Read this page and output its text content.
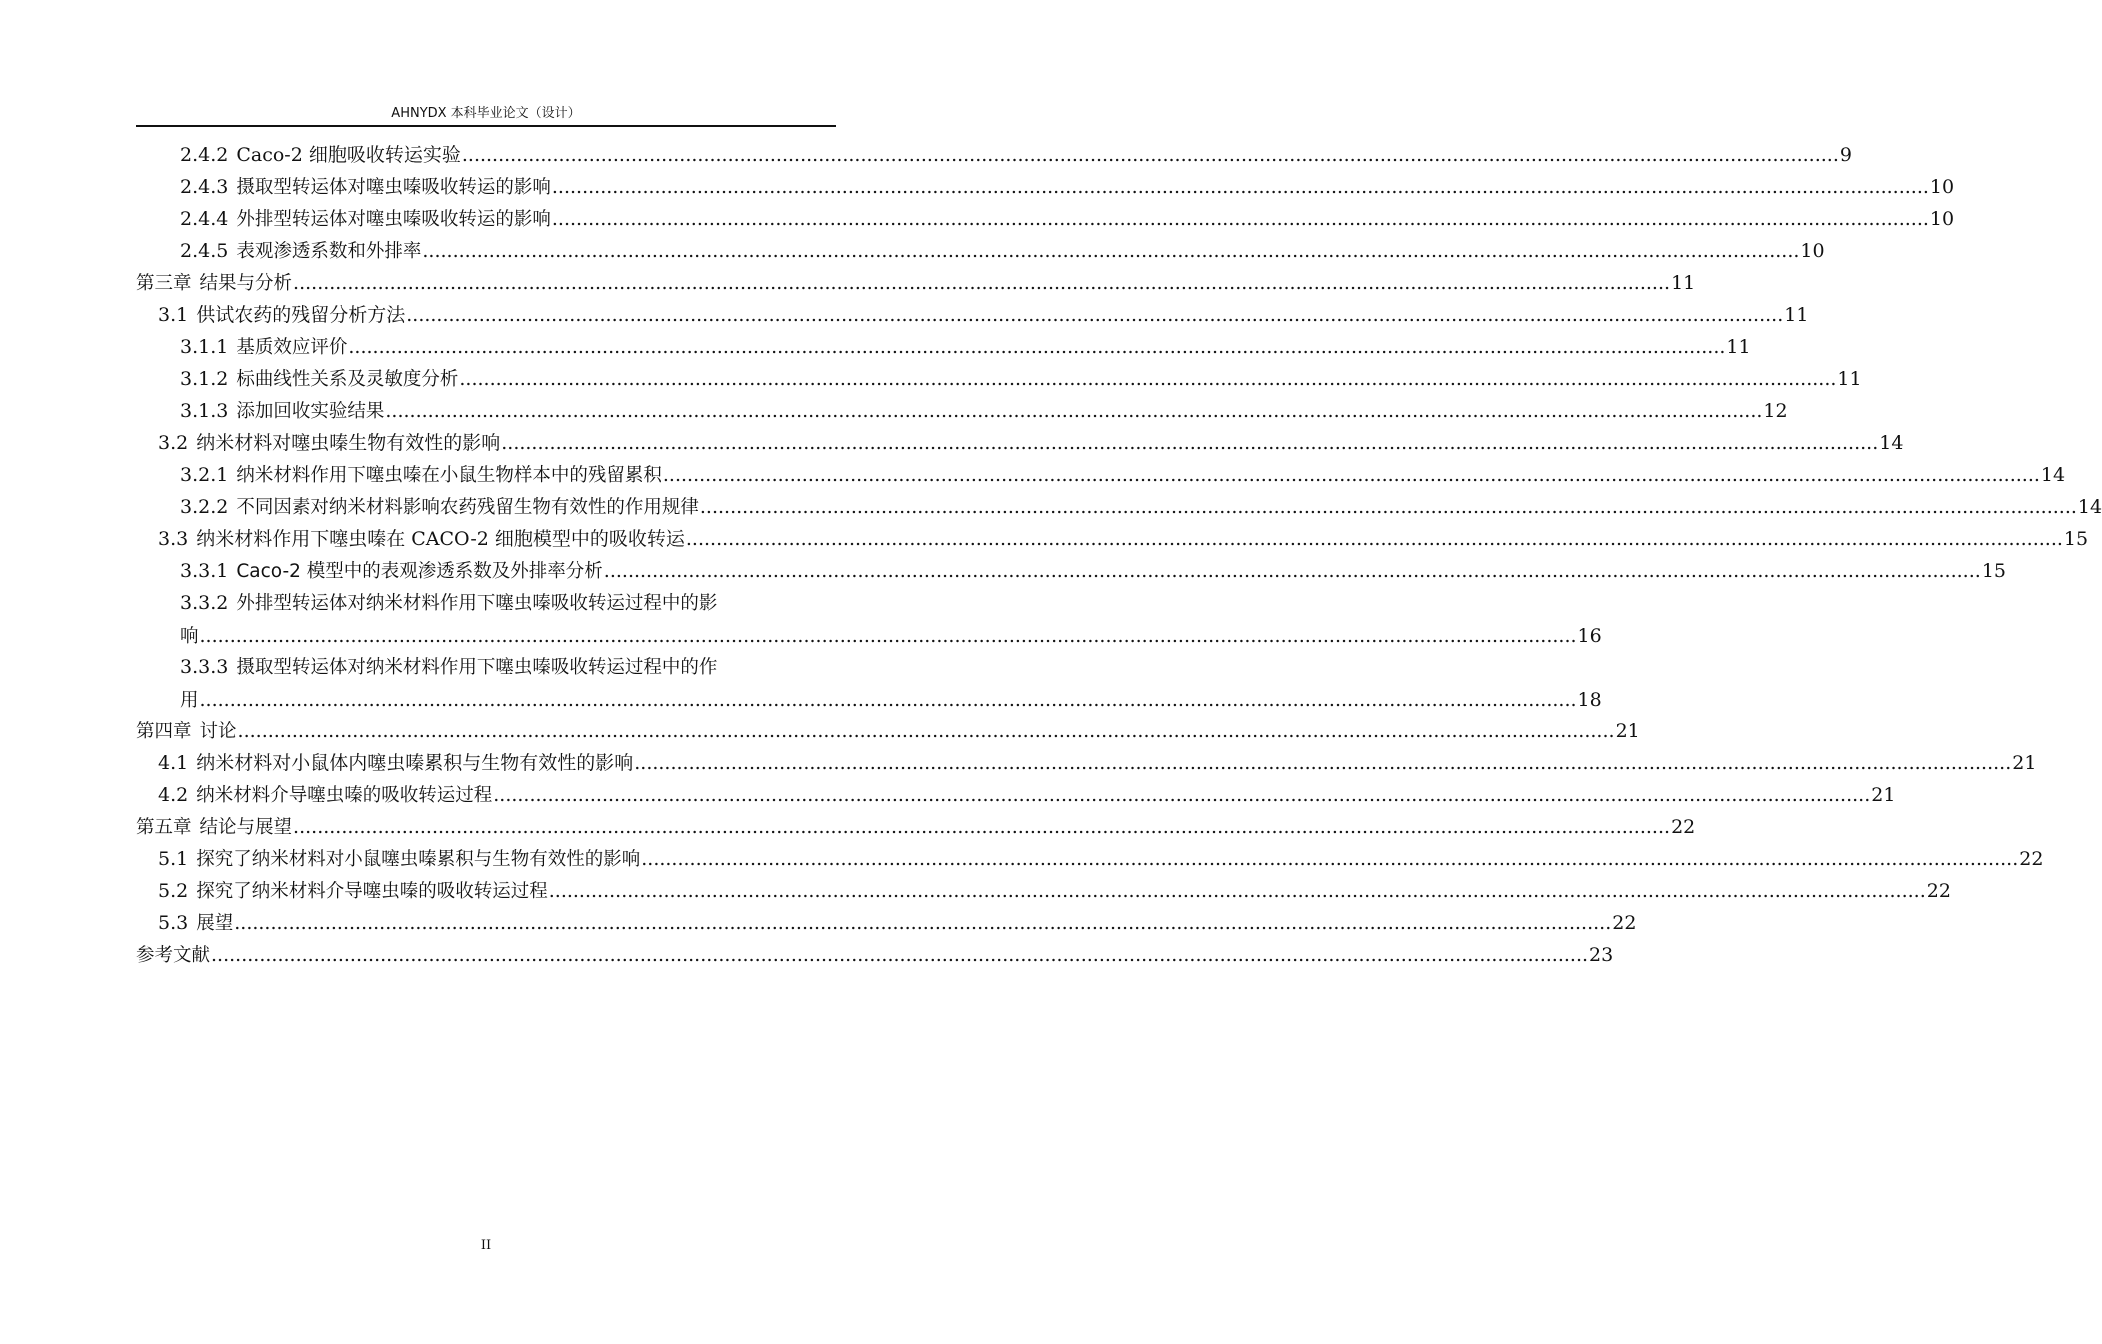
AHNYDX 本科毕业论文（设计）
2.4.2 Caco-2 细胞吸收转运实验 .....	9
2.4.3 摄取型转运体对噻虫嗪吸收转运的影响 .....	10
2.4.4 外排型转运体对噻虫嗪吸收转运的影响 .....	10
2.4.5 表观渗透系数和外排率 .....	10
第三章 结果与分析 .....	11
3.1 供试农药的残留分析方法 .....	11
3.1.1 基质效应评价 .....	11
3.1.2 标曲线性关系及灵敏度分析 .....	11
3.1.3 添加回收实验结果 .....	12
3.2 纳米材料对噻虫嗪生物有效性的影响 .....	14
3.2.1 纳米材料作用下噻虫嗪在小鼠生物样本中的残留累积 .....	14
3.2.2 不同因素对纳米材料影响农药残留生物有效性的作用规律 .....	14
3.3 纳米材料作用下噻虫嗪在 CACO-2 细胞模型中的吸收转运 .....	15
3.3.1 Caco-2 模型中的表观渗透系数及外排率分析 .....	15
3.3.2 外排型转运体对纳米材料作用下噻虫嗪吸收转运过程中的影
响 .....	16
3.3.3 摄取型转运体对纳米材料作用下噻虫嗪吸收转运过程中的作
用 .....	18
第四章 讨论 .....	21
4.1 纳米材料对小鼠体内噻虫嗪累积与生物有效性的影响 .....	21
4.2 纳米材料介导噻虫嗪的吸收转运过程 .....	21
第五章 结论与展望 .....	22
5.1 探究了纳米材料对小鼠噻虫嗪累积与生物有效性的影响 .....	22
5.2 探究了纳米材料介导噻虫嗪的吸收转运过程 .....	22
5.3 展望 .....	22
参考文献 .....	23
II
